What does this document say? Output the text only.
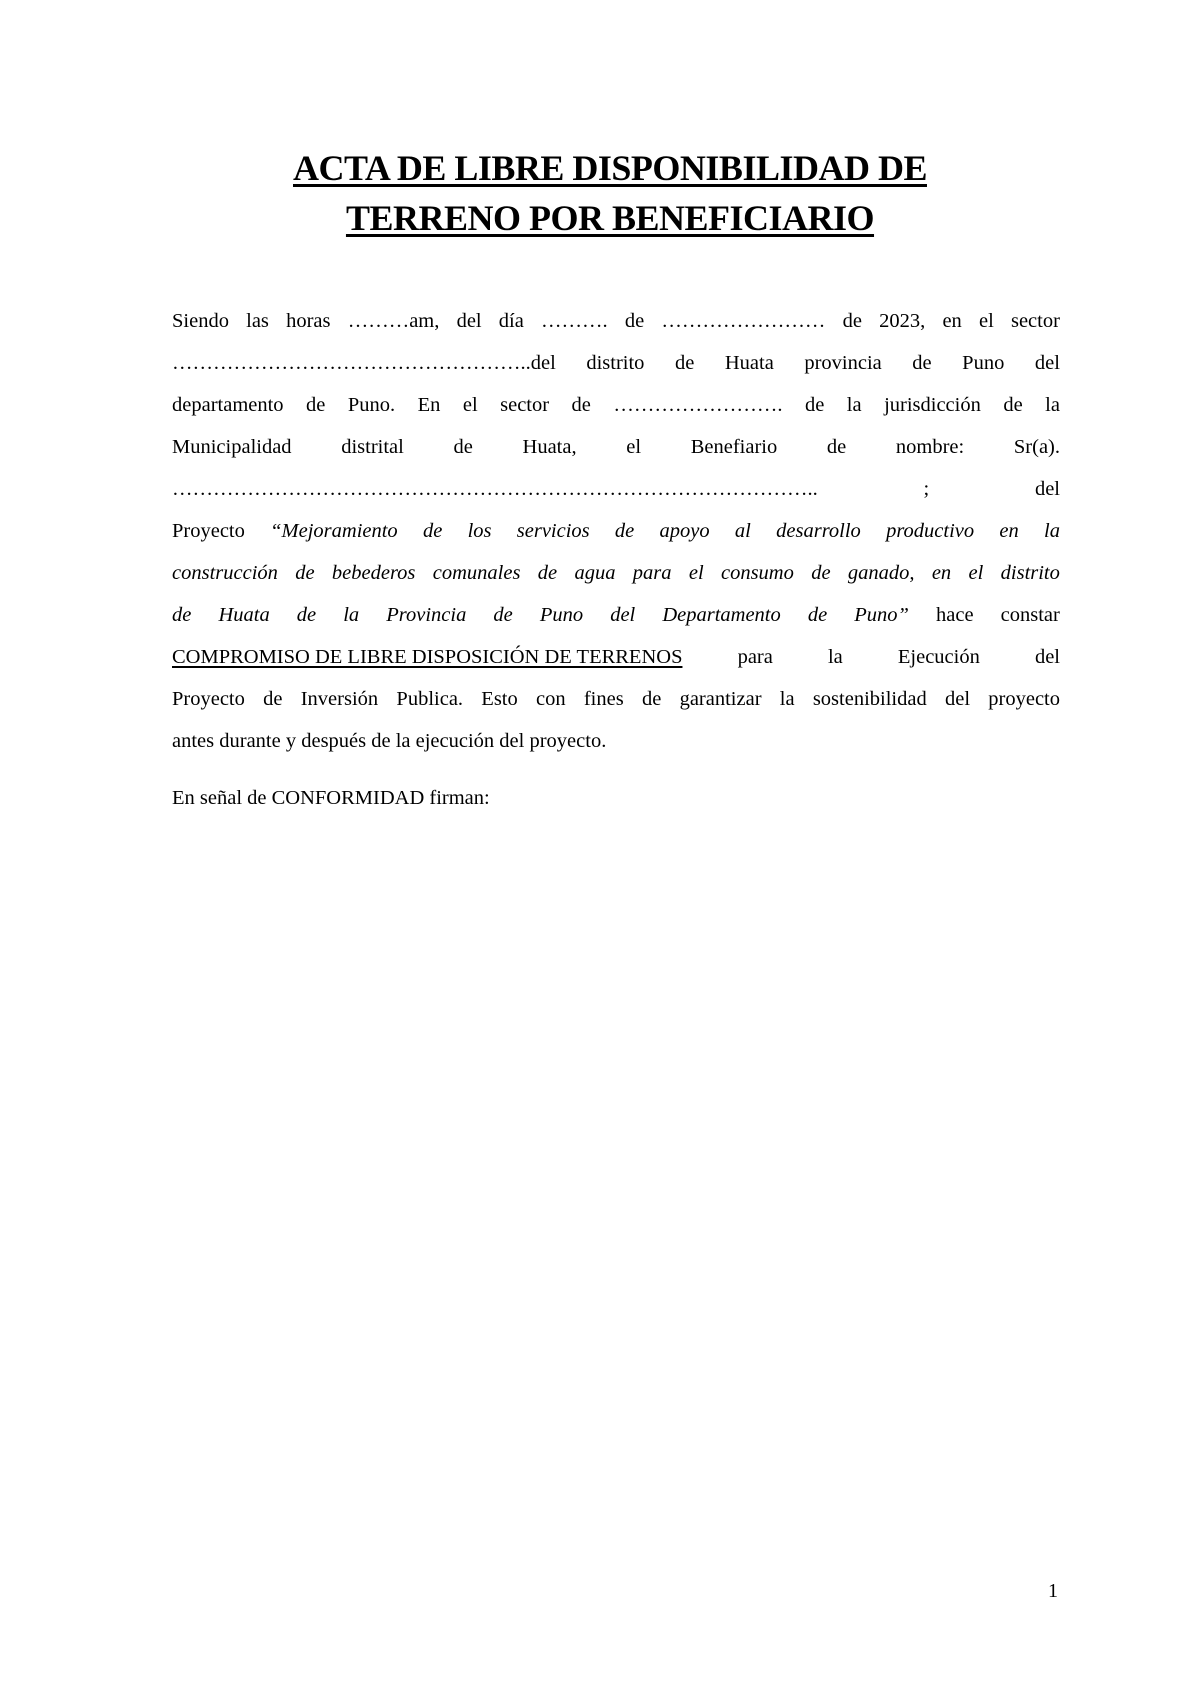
ACTA DE LIBRE DISPONIBILIDAD DE
TERRENO POR BENEFICIARIO
Siendo las horas ………am, del día ………. de …………………… de 2023, en el sector
……………………………………………..del distrito de Huata provincia de Puno del
departamento de Puno. En el sector de ……………………. de la jurisdicción de la
Municipalidad distrital de Huata, el Benefiario de nombre: Sr(a).
…………………………………………………………………………………..	;	del
Proyecto “Mejoramiento de los servicios de apoyo al desarrollo productivo en la
construcción de bebederos comunales de agua para el consumo de ganado, en el distrito
de Huata de la Provincia de Puno del Departamento de Puno” hace constar
COMPROMISO DE LIBRE DISPOSICIÓN DE TERRENOS	para	la	Ejecución	del
Proyecto de Inversión Publica. Esto con fines de garantizar la sostenibilidad del proyecto
antes durante y después de la ejecución del proyecto.
En señal de CONFORMIDAD firman:
1
